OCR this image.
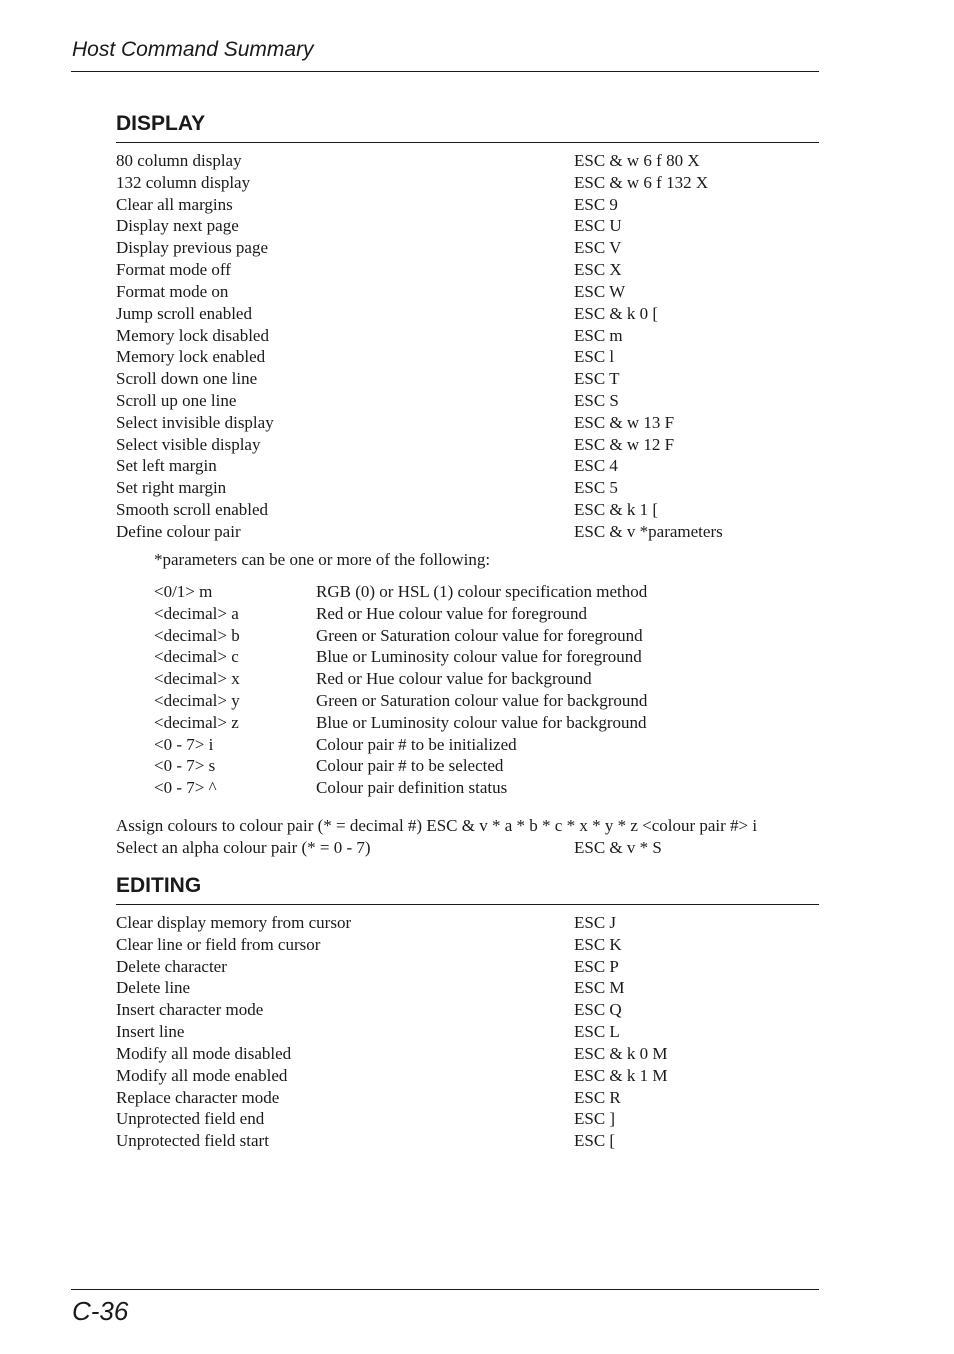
Host Command Summary
DISPLAY
80 column display	ESC & w 6 f 80 X
132 column display	ESC & w 6 f 132 X
Clear all margins	ESC 9
Display next page	ESC U
Display previous page	ESC V
Format mode off	ESC X
Format mode on	ESC W
Jump scroll enabled	ESC & k 0 [
Memory lock disabled	ESC m
Memory lock enabled	ESC l
Scroll down one line	ESC T
Scroll up one line	ESC S
Select invisible display	ESC & w 13 F
Select visible display	ESC & w 12 F
Set left margin	ESC 4
Set right margin	ESC 5
Smooth scroll enabled	ESC & k 1 [
Define colour pair	ESC & v *parameters
*parameters can be one or more of the following:
<0/1> m	RGB (0) or HSL (1) colour specification method
<decimal> a	Red or Hue colour value for foreground
<decimal> b	Green or Saturation colour value for foreground
<decimal> c	Blue or Luminosity colour value for foreground
<decimal> x	Red or Hue colour value for background
<decimal> y	Green or Saturation colour value for background
<decimal> z	Blue or Luminosity colour value for background
<0 - 7> i	Colour pair # to be initialized
<0 - 7> s	Colour pair # to be selected
<0 - 7> ^	Colour pair definition status
Assign colours to colour pair (* = decimal #) ESC & v * a * b * c * x * y * z <colour pair #> i
Select an alpha colour pair (* = 0 - 7)	ESC & v * S
EDITING
Clear display memory from cursor	ESC J
Clear line or field from cursor	ESC K
Delete character	ESC P
Delete line	ESC M
Insert character mode	ESC Q
Insert line	ESC L
Modify all mode disabled	ESC & k 0 M
Modify all mode enabled	ESC & k 1 M
Replace character mode	ESC R
Unprotected field end	ESC ]
Unprotected field start	ESC [
C-36
